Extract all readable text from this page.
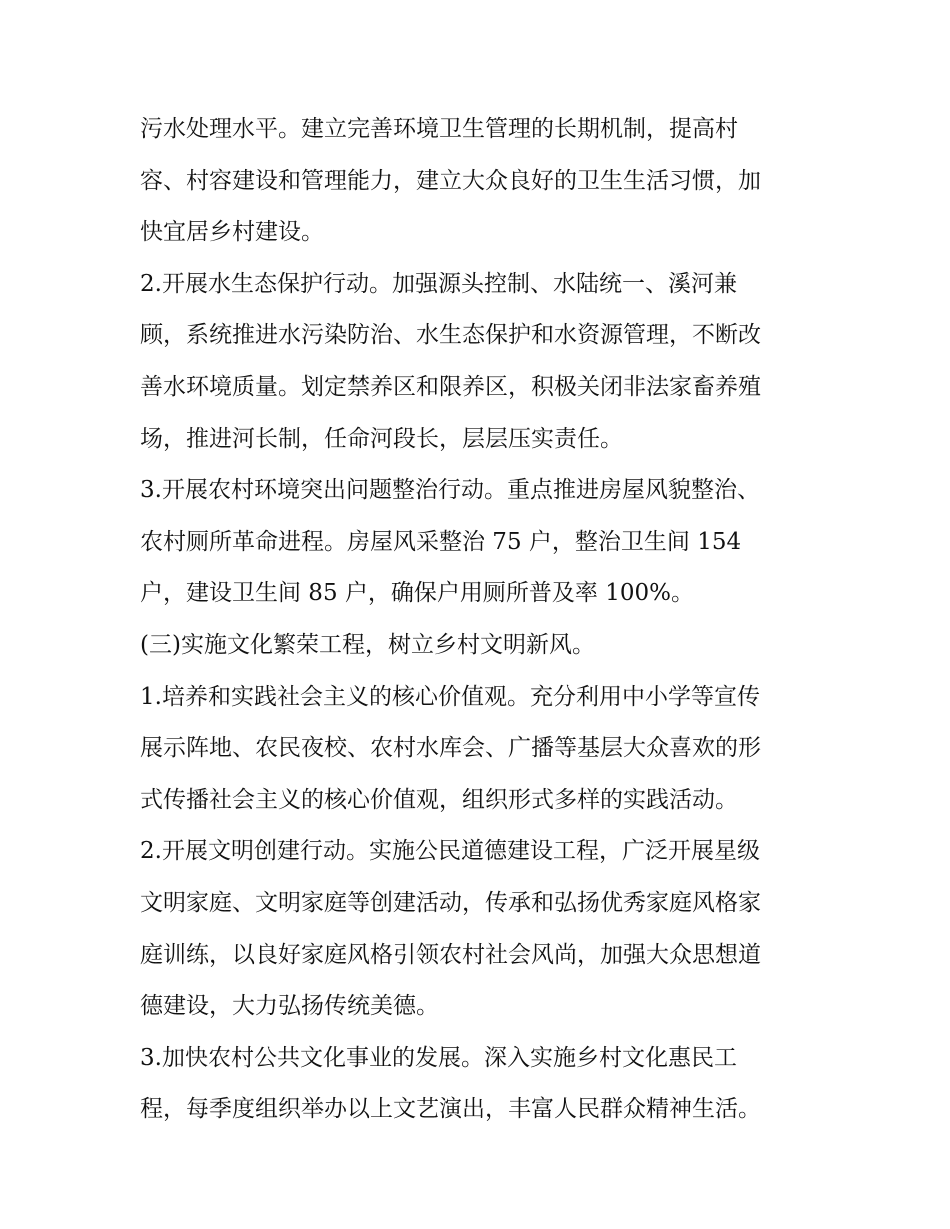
污水处理水平。建立完善环境卫生管理的长期机制，提高村
容、村容建设和管理能力，建立大众良好的卫生生活习惯，加
快宜居乡村建设。
2.开展水生态保护行动。加强源头控制、水陆统一、溪河兼
顾，系统推进水污染防治、水生态保护和水资源管理，不断改
善水环境质量。划定禁养区和限养区，积极关闭非法家畜养殖
场，推进河长制，任命河段长，层层压实责任。
3.开展农村环境突出问题整治行动。重点推进房屋风貌整治、
农村厕所革命进程。房屋风采整治 75 户，整治卫生间 154
户，建设卫生间 85 户，确保户用厕所普及率 100%。
(三)实施文化繁荣工程，树立乡村文明新风。
1.培养和实践社会主义的核心价值观。充分利用中小学等宣传
展示阵地、农民夜校、农村水库会、广播等基层大众喜欢的形
式传播社会主义的核心价值观，组织形式多样的实践活动。
2.开展文明创建行动。实施公民道德建设工程，广泛开展星级
文明家庭、文明家庭等创建活动，传承和弘扬优秀家庭风格家
庭训练，以良好家庭风格引领农村社会风尚，加强大众思想道
德建设，大力弘扬传统美德。
3.加快农村公共文化事业的发展。深入实施乡村文化惠民工
程，每季度组织举办以上文艺演出，丰富人民群众精神生活。
